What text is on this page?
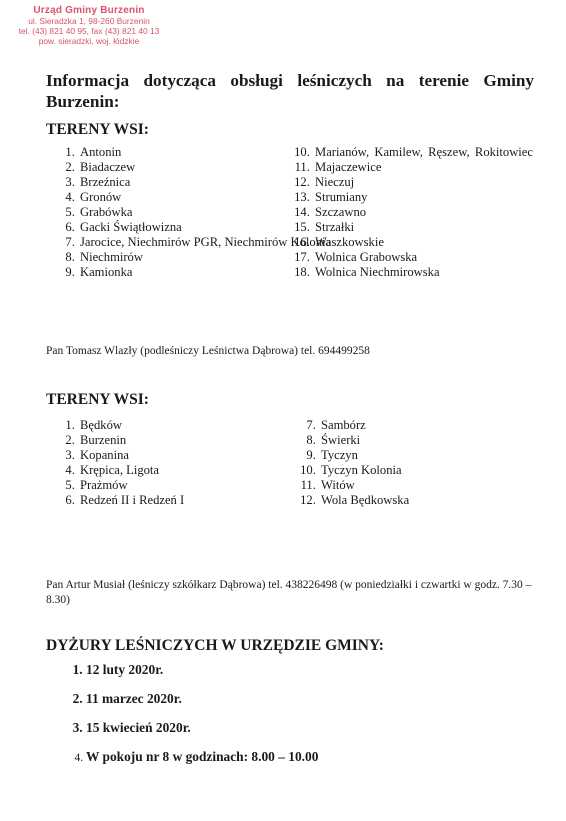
Urząd Gminy Burzenin
ul. Sieradzka 1, 98-260 Burzenin
tel. (43) 821 40 95, fax (43) 821 40 13
pow. sieradzki, woj. łódzkie
Informacja dotycząca obsługi leśniczych na terenie Gminy Burzenin:
TERENY WSI:
1. Antonin
2. Biadaczew
3. Brzeźnica
4. Gronów
5. Grabówka
6. Gacki Świątłowizna
7. Jarocice, Niechmirów PGR, Niechmirów Kolonia
8. Niechmirów
9. Kamionka
10. Marianów, Kamilew, Ręszew, Rokitowiec
11. Majaczewice
12. Nieczuj
13. Strumiany
14. Szczawno
15. Strzałki
16. Waszkowskie
17. Wolnica Grabowska
18. Wolnica Niechmirowska
Pan Tomasz Wlazły (podleśniczy Leśnictwa Dąbrowa) tel. 694499258
TERENY WSI:
1. Będków
2. Burzenin
3. Kopanina
4. Krępica, Ligota
5. Prażmów
6. Redzeń II i Redzeń I
7. Sambórz
8. Świerki
9. Tyczyn
10. Tyczyn Kolonia
11. Witów
12. Wola Będkowska
Pan Artur Musiał (leśniczy szkółkarz Dąbrowa) tel. 438226498 (w poniedziałki i czwartki w godz. 7.30 – 8.30)
DYŻURY LEŚNICZYCH W URZĘDZIE GMINY:
1. 12 luty 2020r.
2. 11 marzec 2020r.
3. 15 kwiecień 2020r.
4. W pokoju nr 8 w godzinach: 8.00 – 10.00
